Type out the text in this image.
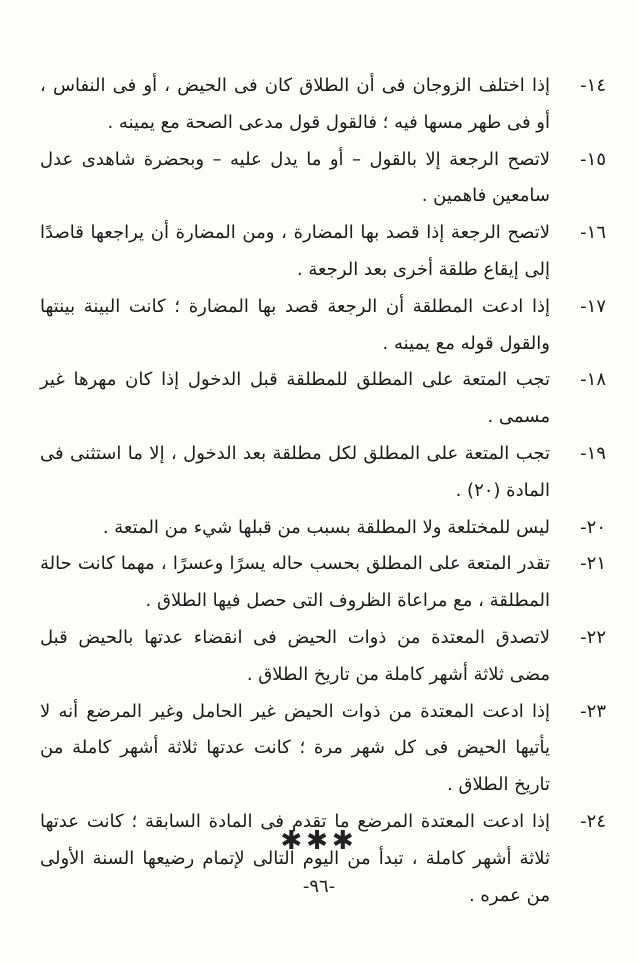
١٤-
إذا اختلف الزوجان فى أن الطلاق كان فى الحيض ، أو فى النفاس ، أو فى طهر مسها فيه ؛ فالقول قول مدعى الصحة مع يمينه .
١٥-
لاتصح الرجعة إلا بالقول – أو ما يدل عليه – وبحضرة شاهدى عدل سامعين فاهمين .
١٦-
لاتصح الرجعة إذا قصد بها المضارة ، ومن المضارة أن يراجعها قاصدًا إلى إيقاع طلقة أخرى بعد الرجعة .
١٧-
إذا ادعت المطلقة أن الرجعة قصد بها المضارة ؛ كانت البينة بينتها والقول قوله مع يمينه .
١٨-
تجب المتعة على المطلق للمطلقة قبل الدخول إذا كان مهرها غير مسمى .
١٩-
تجب المتعة على المطلق لكل مطلقة بعد الدخول ، إلا ما استثنى فى المادة (٢٠) .
٢٠-
ليس للمختلعة ولا المطلقة بسبب من قبلها شيء من المتعة .
٢١-
تقدر المتعة على المطلق بحسب حاله يسرًا وعسرًا ، مهما كانت حالة المطلقة ، مع مراعاة الظروف التى حصل فيها الطلاق .
٢٢-
لاتصدق المعتدة من ذوات الحيض فى انقضاء عدتها بالحيض قبل مضى ثلاثة أشهر كاملة من تاريخ الطلاق .
٢٣-
إذا ادعت المعتدة من ذوات الحيض غير الحامل وغير المرضع أنه لا يأتيها الحيض فى كل شهر مرة ؛ كانت عدتها ثلاثة أشهر كاملة من تاريخ الطلاق .
٢٤-
إذا ادعت المعتدة المرضع ما تقدم فى المادة السابقة ؛ كانت عدتها ثلاثة أشهر كاملة ، تبدأ من اليوم التالى لإتمام رضيعها السنة الأولى من عمره .
✱✱✱
-٩٦-
